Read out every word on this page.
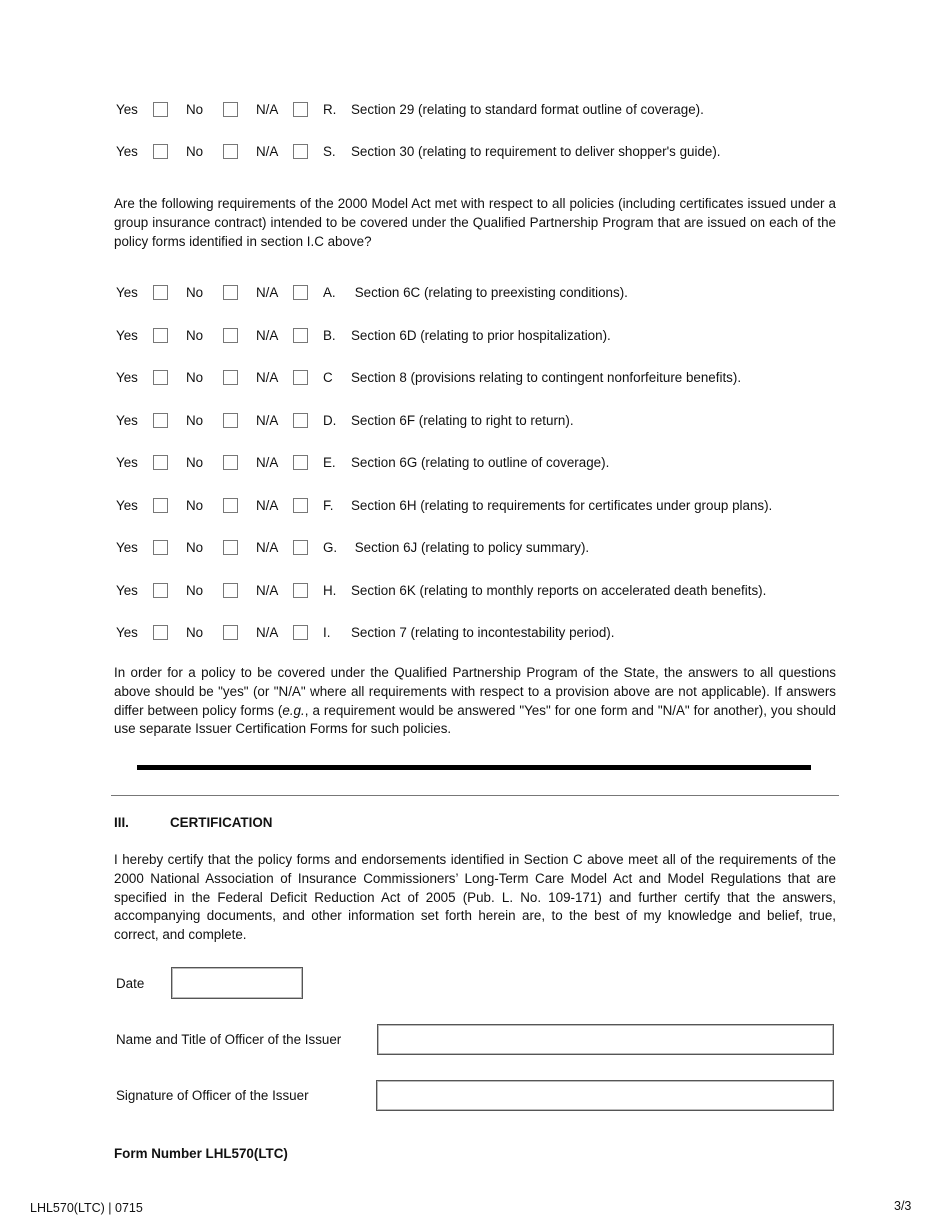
Yes	No	N/A	R. Section 29 (relating to standard format outline of coverage).
Yes	No	N/A	S. Section 30 (relating to requirement to deliver shopper's guide).
Are the following requirements of the 2000 Model Act met with respect to all policies (including certificates issued under a group insurance contract) intended to be covered under the Qualified Partnership Program that are issued on each of the policy forms identified in section I.C above?
Yes	No	N/A	A. Section 6C (relating to preexisting conditions).
Yes	No	N/A	B. Section 6D (relating to prior hospitalization).
Yes	No	N/A	C Section 8 (provisions relating to contingent nonforfeiture benefits).
Yes	No	N/A	D. Section 6F (relating to right to return).
Yes	No	N/A	E. Section 6G (relating to outline of coverage).
Yes	No	N/A	F. Section 6H (relating to requirements for certificates under group plans).
Yes	No	N/A	G. Section 6J (relating to policy summary).
Yes	No	N/A	H. Section 6K (relating to monthly reports on accelerated death benefits).
Yes	No	N/A	I. Section 7 (relating to incontestability period).
In order for a policy to be covered under the Qualified Partnership Program of the State, the answers to all questions above should be "yes" (or "N/A" where all requirements with respect to a provision above are not applicable). If answers differ between policy forms (e.g., a requirement would be answered "Yes" for one form and "N/A" for another), you should use separate Issuer Certification Forms for such policies.
III.	CERTIFICATION
I hereby certify that the policy forms and endorsements identified in Section C above meet all of the requirements of the 2000 National Association of Insurance Commissioners’ Long-Term Care Model Act and Model Regulations that are specified in the Federal Deficit Reduction Act of 2005 (Pub. L. No. 109-171) and further certify that the answers, accompanying documents, and other information set forth herein are, to the best of my knowledge and belief, true, correct, and complete.
Date
Name and Title of Officer of the Issuer
Signature of Officer of the Issuer
Form Number LHL570(LTC)
LHL570(LTC) | 0715	3/3
